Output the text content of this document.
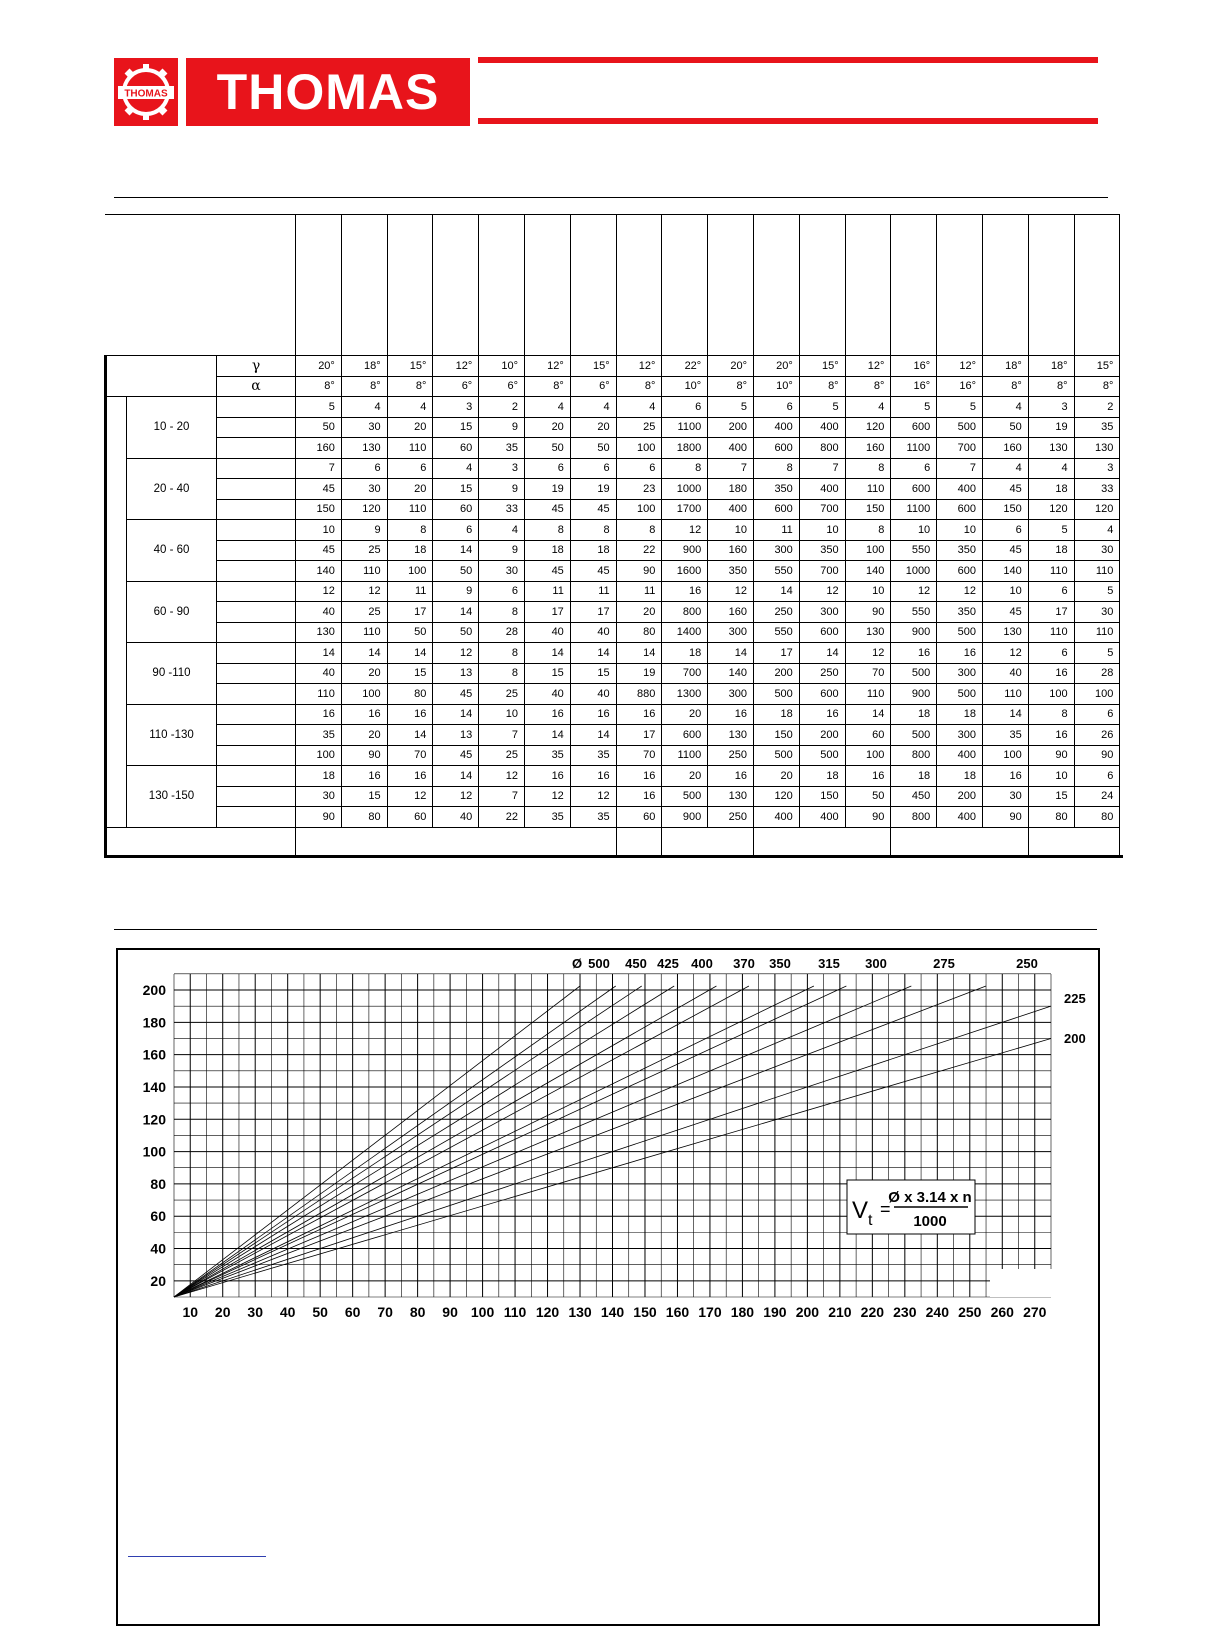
THOMAS THOMAS

		γ	20°	18°	15°	12°	10°	12°	15°	12°	22°	20°	20°	15°	12°	16°	12°	18°	18°	15°
		α	8°	8°	8°	6°	6°	8°	6°	8°	10°	8°	10°	8°	8°	16°	16°	8°	8°	8°
	10 - 20		5	4	4	3	2	4	4	4	6	5	6	5	4	5	5	4	3	2
			50	30	20	15	9	20	20	25	1100	200	400	400	120	600	500	50	19	35
			160	130	110	60	35	50	50	100	1800	400	600	800	160	1100	700	160	130	130
	20 - 40		7	6	6	4	3	6	6	6	8	7	8	7	8	6	7	4	4	3
			45	30	20	15	9	19	19	23	1000	180	350	400	110	600	400	45	18	33
			150	120	110	60	33	45	45	100	1700	400	600	700	150	1100	600	150	120	120
	40 - 60		10	9	8	6	4	8	8	8	12	10	11	10	8	10	10	6	5	4
			45	25	18	14	9	18	18	22	900	160	300	350	100	550	350	45	18	30
			140	110	100	50	30	45	45	90	1600	350	550	700	140	1000	600	140	110	110
	60 - 90		12	12	11	9	6	11	11	11	16	12	14	12	10	12	12	10	6	5
			40	25	17	14	8	17	17	20	800	160	250	300	90	550	350	45	17	30
			130	110	50	50	28	40	40	80	1400	300	550	600	130	900	500	130	110	110
	90 -110		14	14	14	12	8	14	14	14	18	14	17	14	12	16	16	12	6	5
			40	20	15	13	8	15	15	19	700	140	200	250	70	500	300	40	16	28
			110	100	80	45	25	40	40	880	1300	300	500	600	110	900	500	110	100	100
	110 -130		16	16	16	14	10	16	16	16	20	16	18	16	14	18	18	14	8	6
			35	20	14	13	7	14	14	17	600	130	150	200	60	500	300	35	16	26
			100	90	70	45	25	35	35	70	1100	250	500	500	100	800	400	100	90	90
	130 -150		18	16	16	14	12	16	16	16	20	16	20	18	16	18	18	16	10	6
			30	15	12	12	7	12	12	16	500	130	120	150	50	450	200	30	15	24
			90	80	60	40	22	35	35	60	900	250	400	400	90	800	400	90	80	80

10 20 30 40 50 60 70 80 90 100 110 120 130 140 150 160 170 180 190 200 210 220 230 240 250 260 270
20
40
60
80
100
120
140
160
180
200
Ø 500 450 425 400 370 350 315 300	275	250
225
200
V t
=
Ø x 3.14 x n
1000
